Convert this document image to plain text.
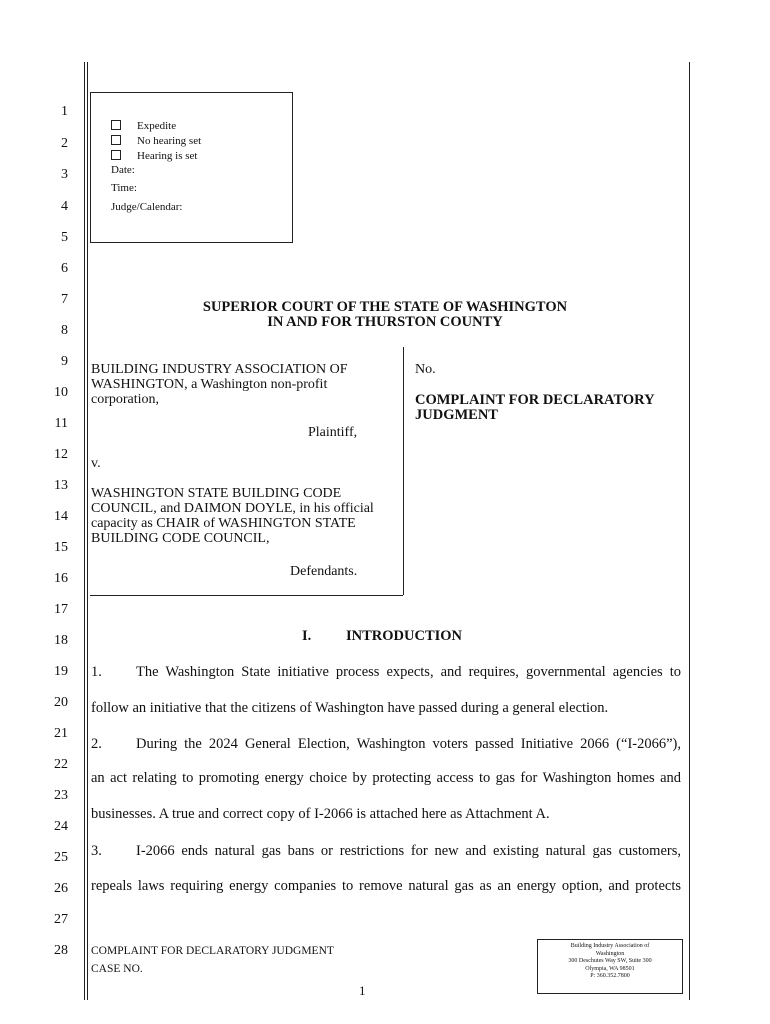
1
2
3
4
5
6
7
8
9
10
11
12
13
14
15
16
17
18
19
20
21
22
23
24
25
26
27
28
Expedite
No hearing set
Hearing is set
Date:
Time:
Judge/Calendar:
SUPERIOR COURT OF THE STATE OF WASHINGTON
IN AND FOR THURSTON COUNTY
BUILDING INDUSTRY ASSOCIATION OF
WASHINGTON, a Washington non-profit
corporation,
Plaintiff,
v.
WASHINGTON STATE BUILDING CODE
COUNCIL, and DAIMON DOYLE, in his official
capacity as CHAIR of WASHINGTON STATE
BUILDING CODE COUNCIL,
Defendants.
No.
COMPLAINT FOR DECLARATORY
JUDGMENT
I. INTRODUCTION
1. The Washington State initiative process expects, and requires, governmental agencies to
follow an initiative that the citizens of Washington have passed during a general election.
2. During the 2024 General Election, Washington voters passed Initiative 2066 (“I-2066”),
an act relating to promoting energy choice by protecting access to gas for Washington homes and
businesses. A true and correct copy of I-2066 is attached here as Attachment A.
3. I-2066 ends natural gas bans or restrictions for new and existing natural gas customers,
repeals laws requiring energy companies to remove natural gas as an energy option, and protects
COMPLAINT FOR DECLARATORY JUDGMENT
CASE NO.
1
Building Industry Association of
Washington
300 Deschutes Way SW, Suite 300
Olympia, WA 98501
P: 360.352.7800
